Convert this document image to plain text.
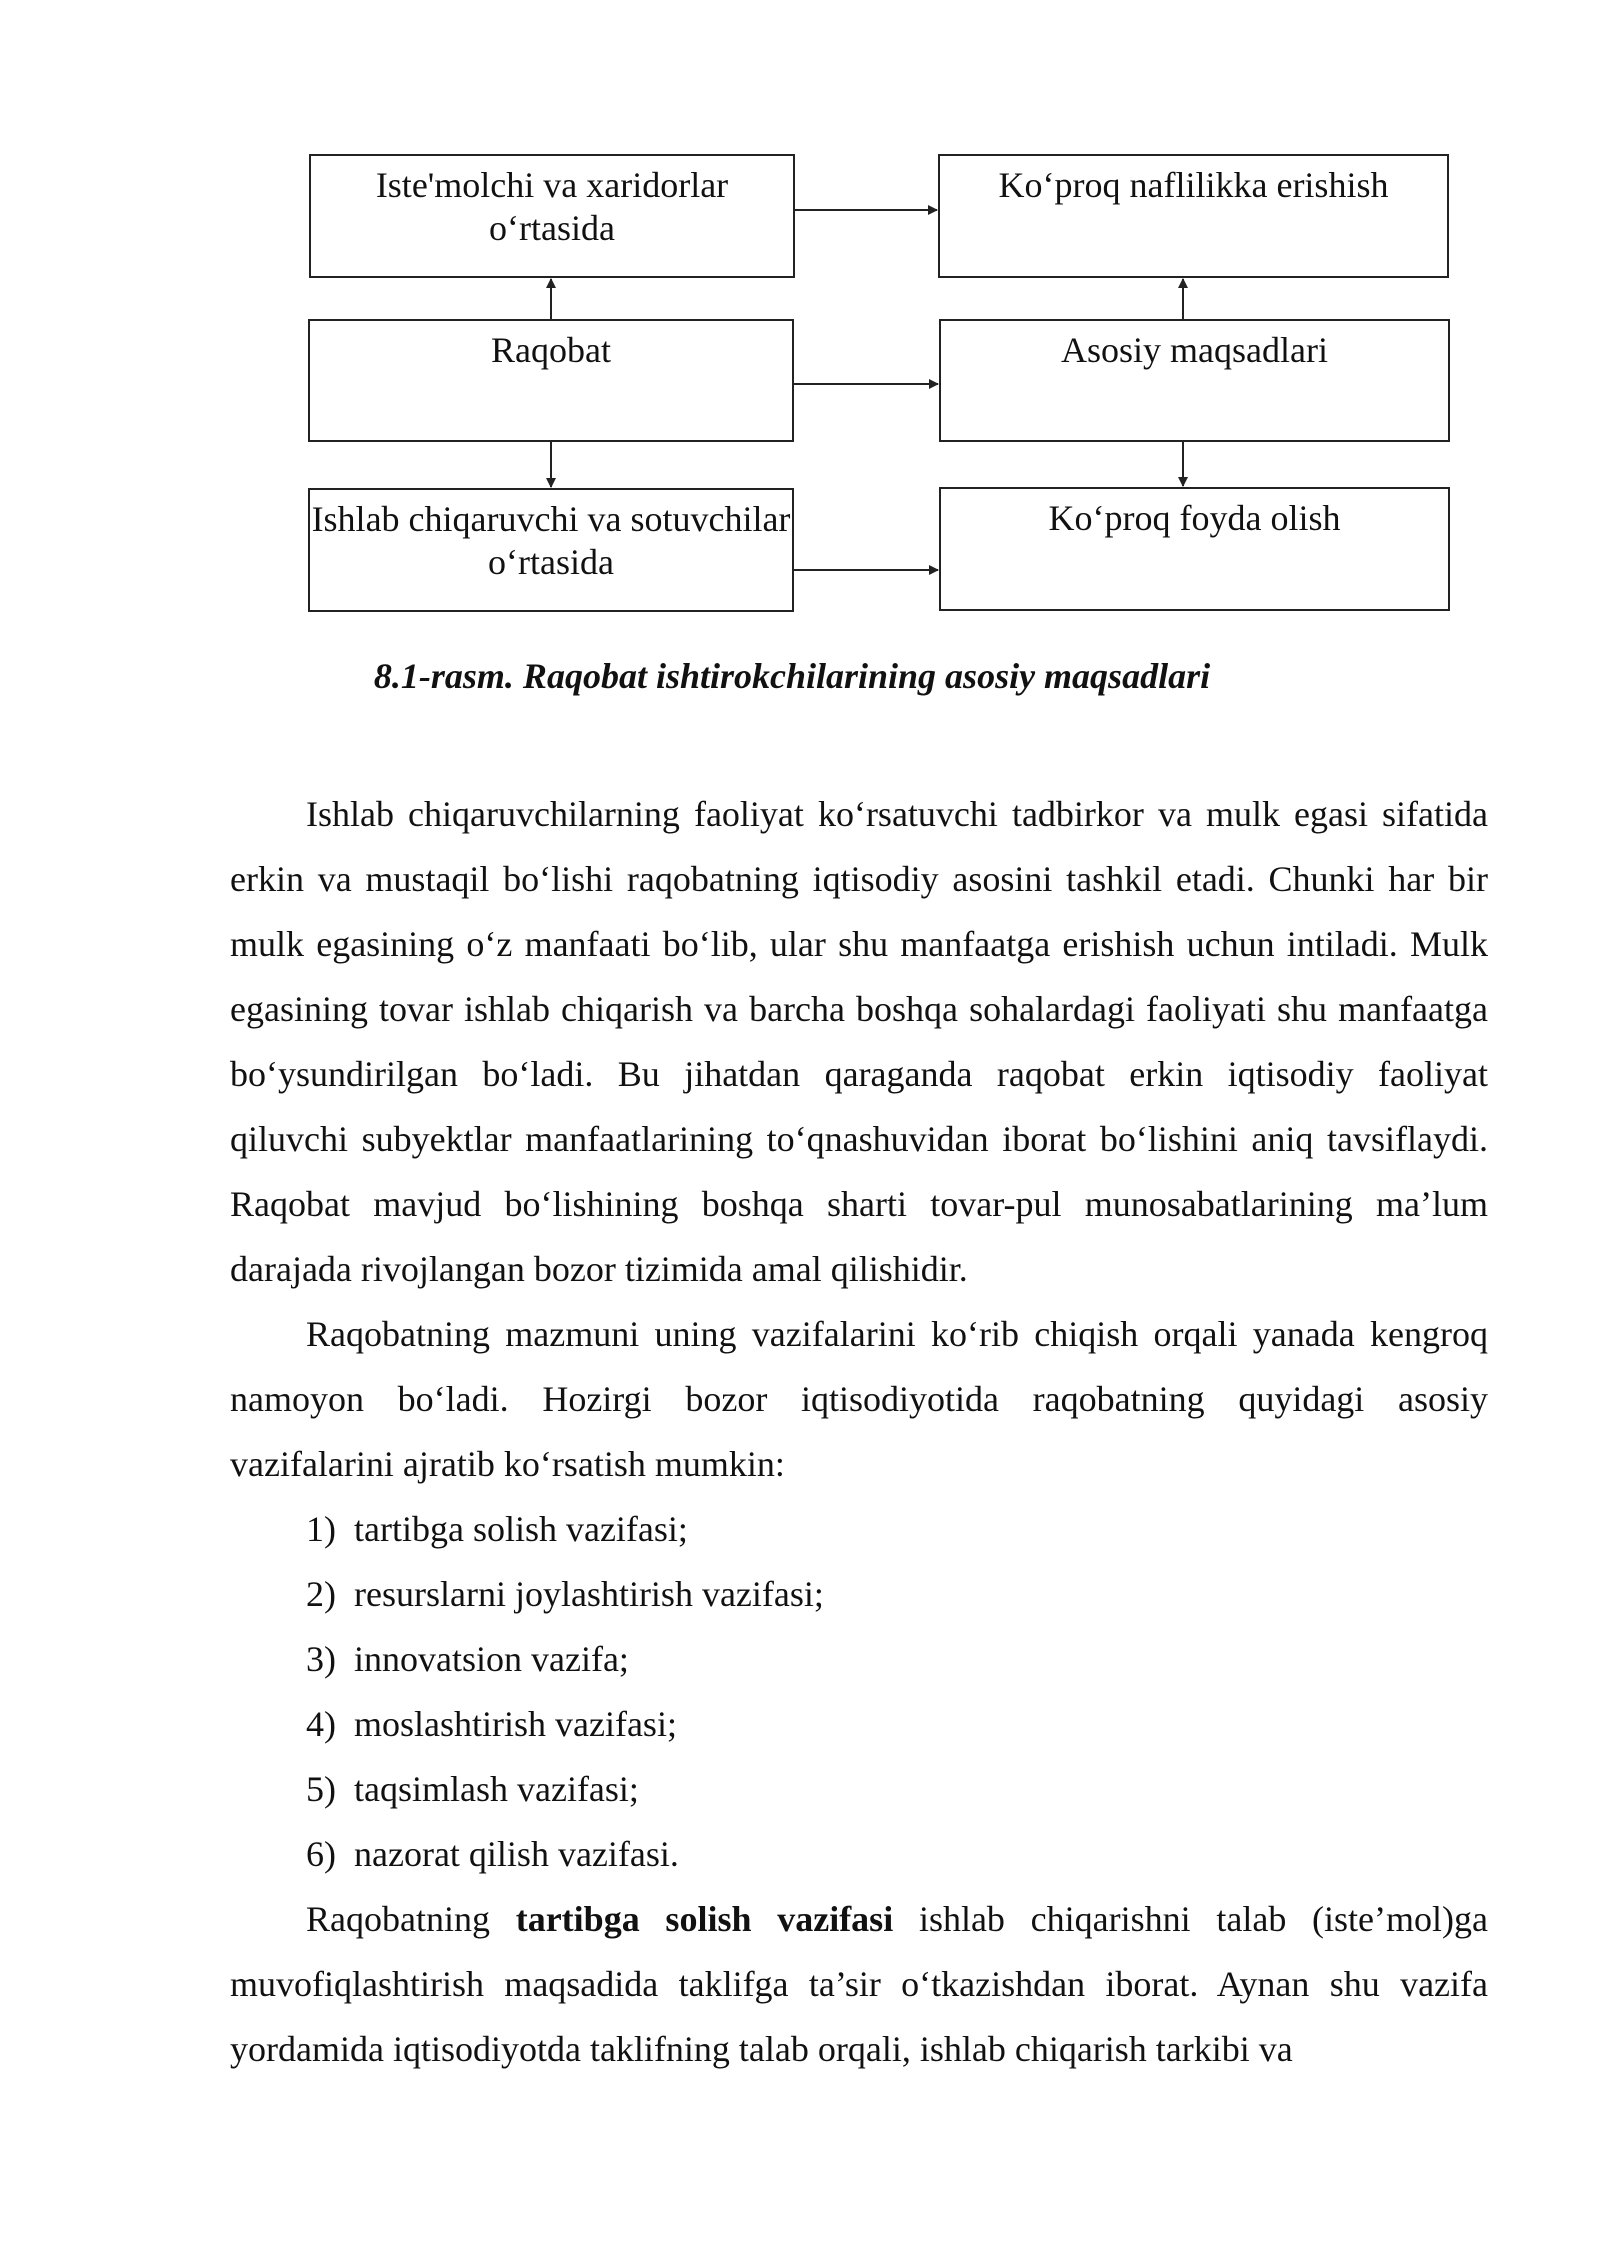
Iste'molchi va xaridorlar o‘rtasida
Ko‘proq naflilikka erishish
Raqobat	Asosiy maqsadlari
Ishlab chiqaruvchi va sotuvchilar o‘rtasida
Ko‘proq foyda olish
8.1-rasm. Raqobat ishtirokchilarining asosiy maqsadlari

Ishlab chiqaruvchilarning faoliyat ko‘rsatuvchi tadbirkor va mulk egasi sifatida erkin va mustaqil bo‘lishi raqobatning iqtisodiy asosini tashkil etadi. Chunki har bir mulk egasining o‘z manfaati bo‘lib, ular shu manfaatga erishish uchun intiladi. Mulk egasining tovar ishlab chiqarish va barcha boshqa sohalardagi faoliyati shu manfaatga bo‘ysundirilgan bo‘ladi. Bu jihatdan qaraganda raqobat erkin iqtisodiy faoliyat qiluvchi subyektlar manfaatlarining to‘qnashuvidan iborat bo‘lishini aniq tavsiflaydi. Raqobat mavjud bo‘lishining boshqa sharti tovar-pul munosabatlarining ma’lum darajada rivojlangan bozor tizimida amal qilishidir.

Raqobatning mazmuni uning vazifalarini ko‘rib chiqish orqali yanada kengroq namoyon bo‘ladi. Hozirgi bozor iqtisodiyotida raqobatning quyidagi asosiy vazifalarini ajratib ko‘rsatish mumkin:

1) tartibga solish vazifasi;
2) resurslarni joylashtirish vazifasi;
3) innovatsion vazifa;
4) moslashtirish vazifasi;
5) taqsimlash vazifasi;
6) nazorat qilish vazifasi.

Raqobatning tartibga solish vazifasi ishlab chiqarishni talab (iste’mol)ga muvofiqlashtirish maqsadida taklifga ta’sir o‘tkazishdan iborat. Aynan shu vazifa yordamida iqtisodiyotda taklifning talab orqali, ishlab chiqarish tarkibi va
